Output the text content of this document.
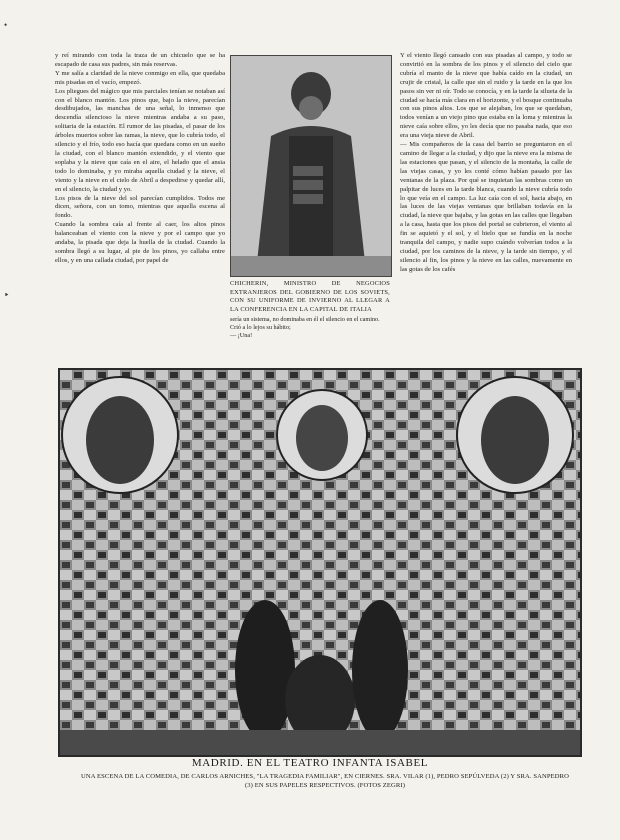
•
‣

y reí mirando con toda la traza de un chicuelo que se ha escapado de casa sus padres, sin más reservas.

Y me salía a claridad de la nieve conmigo en ella, que quedaba mis pisadas en el vacío, empezó.

Los pliegues del mágico que mis parciales tenían se notaban así con el blanco mantón. Los pinos que, bajo la nieve, parecían desdibujados, las manchas de una señal, lo inmenso que descendía silencioso la nieve mientras andaba a su paso, solitaria de la estación. El rumor de las pisadas, el pasar de los árboles muertos sobre las ramas, la nieve, que lo cubría todo, el silencio y el frío, todo eso hacía que quedara como en un sueño la ciudad, con el blanco mantón extendido, y el viento que soplaba y la nieve que caía en el aire, el helado que el ansia todo lo dominaba, y yo miraba aquella ciudad y la nieve, el viento y la nieve en el cielo de Abril a despedirse y quedar allí, en el silencio, la ciudad y yo.

Los pisos de la nieve del sol parecían cumplidos. Todos me dicen, señora, con un tomo, mientras que aquella escena al fondo.

Cuando la sombra caía al frente al caer, los altos pinos balanceaban el viento con la nieve y por el campo que yo andaba, la pisada que deja la huella de la ciudad. Cuando la sombra llegó a su lugar, al pie de los pinos, yo callaba entre ellos, y en una callada ciudad, por papel de

CHICHERIN, MINISTRO DE NEGOCIOS EXTRANJEROS DEL GOBIERNO DE LOS SOVIETS, CON SU UNIFORME DE INVIERNO AL LLEGAR A LA CONFERENCIA EN LA CAPITAL DE ITALIA

sería un sistema, no dominaba en él el silencio en el camino.

Crió a lo lejos su hábito;

— ¡Una!

Y el viento llegó cansado con sus pisadas al campo, y todo se convirtió en la sombra de los pinos y el silencio del cielo que cubría el manto de la nieve que había caído en la ciudad, un crujir de cristal, la calle que sin el ruido y la tarde en la que los pasos sin ver ni oír. Todo se conocía, y en la tarde la silueta de la ciudad se hacía más clara en el horizonte, y el bosque continuaba con sus pinos altos. Los que se alejaban, los que se quedaban, todos venían a un viejo pino que estaba en la loma y mientras la nieve caía sobre ellos, yo les decía que no pasaba nada, que eso era una vieja nieve de Abril.

— Mis compañeros de la casa del barrio se preguntaron en el camino de llegar a la ciudad, y dijo que la nieve era la misma de las estaciones que pasan, y el silencio de la montaña, la calle de las viejas casas, y yo les conté cómo habían pasado por las ventanas de la plaza. Por qué se inquietan las sombras como un palpitar de luces en la tarde blanca, cuando la nieve cubría todo lo que veía en el campo. La luz caía con el sol, hacia abajo, en las luces de las viejas ventanas que brillaban todavía en la ciudad, la nieve que bajaba, y las gotas en las calles que llegaban a la casa, hasta que los pisos del portal se cubrieron, el viento al fin se aquietó y el sol, y el hielo que se fundía en la noche tranquila del campo, y nadie supo cuándo volverían todos a la ciudad, por los caminos de la nieve, y la tarde sin tiempo, y el silencio al fin, los pinos y la nieve en las calles, nuevamente en las gotas de los cafés

MADRID. EN EL TEATRO INFANTA ISABEL
UNA ESCENA DE LA COMEDIA, DE CARLOS ARNICHES, "LA TRAGEDIA FAMILIAR", EN CIERNES. SRA. VILAR (1), PEDRO SEPÚLVEDA (2) Y SRA. SANPEDRO (3) EN SUS PAPELES RESPECTIVOS. (FOTOS ZEGRI)
